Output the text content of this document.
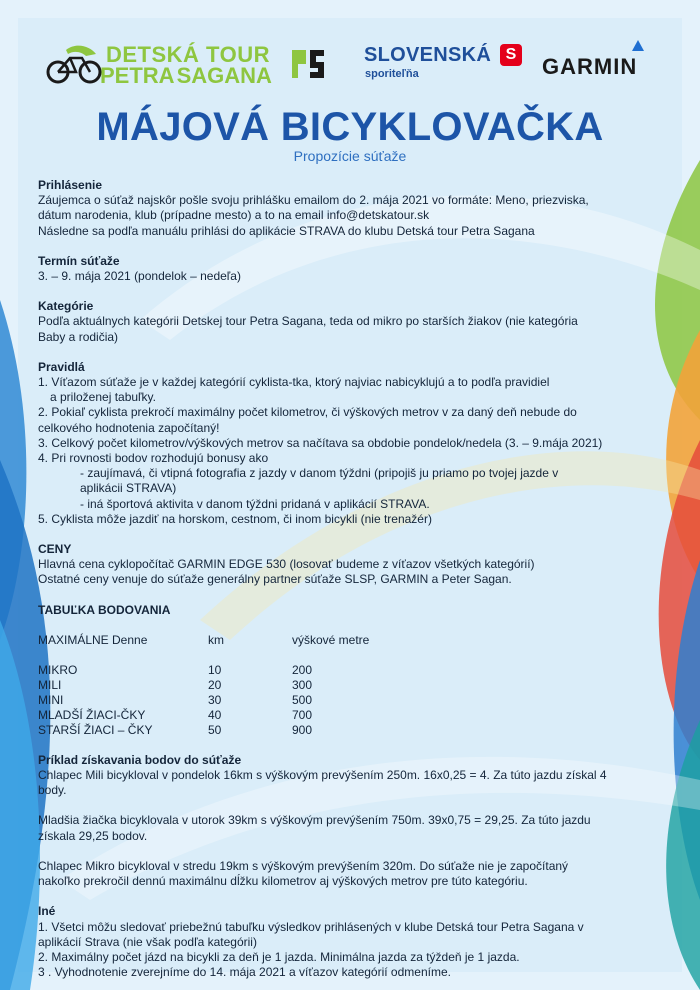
DETSKÁ TOUR
PETRASAGANA
SLOVENSKÁ
sporiteľňa
S GARMIN
MÁJOVÁ BICYKLOVAČKA
Propozície súťaže

Prihlásenie

Záujemca o súťaž najskôr pošle svoju prihlášku emailom do 2. mája 2021 vo formáte: Meno, priezviska,

dátum narodenia, klub (prípadne mesto) a to na email info@detskatour.sk

Následne sa podľa manuálu prihlási do aplikácie STRAVA do klubu Detská tour Petra Sagana

Termín súťaže

3. – 9. mája 2021 (pondelok – nedeľa)

Kategórie

Podľa aktuálnych kategórii Detskej tour Petra Sagana, teda od mikro po starších žiakov (nie kategória

Baby a rodičia)

Pravidlá

1. Víťazom súťaže je v každej kategórií cyklista-tka, ktorý najviac nabicyklujú a to podľa pravidiel

a priloženej tabuľky.

2. Pokiaľ cyklista prekročí maximálny počet kilometrov, či výškových metrov v za daný deň nebude do

celkového hodnotenia započítaný!

3. Celkový počet kilometrov/výškových metrov sa načítava sa obdobie pondelok/nedela (3. – 9.mája 2021)

4. Pri rovnosti bodov rozhodujú bonusy ako

- zaujímavá, či vtipná fotografia z jazdy v danom týždni (pripojiš ju priamo po tvojej jazde v

aplikácii STRAVA)

- iná športová aktivita v danom týždni pridaná v aplikácií STRAVA.

5. Cyklista môže jazdiť na horskom, cestnom, či inom bicykli (nie trenažér)

CENY

Hlavná cena cyklopočítač GARMIN EDGE 530 (losovať budeme z víťazov všetkých kategórií)

Ostatné ceny venuje do súťaže generálny partner súťaže SLSP, GARMIN a Peter Sagan.

TABUĽKA BODOVANIA

MAXIMÁLNE Denne	km	výškové metre

MIKRO	10	200
MILI	20	300
MINI	30	500
MLADŠÍ ŽIACI-ČKY	40	700
STARŠÍ ŽIACI – ČKY	50	900

Príklad získavania bodov do súťaže

Chlapec Mili bicykloval v pondelok 16km s výškovým prevýšením 250m. 16x0,25 = 4. Za túto jazdu získal 4

body.

Mladšia žiačka bicyklovala v utorok 39km s výškovým prevýšením 750m. 39x0,75 = 29,25. Za túto jazdu

získala 29,25 bodov.

Chlapec Mikro bicykloval v stredu 19km s výškovým prevýšením 320m. Do súťaže nie je započítaný

nakoľko prekročil dennú maximálnu dĺžku kilometrov aj výškových metrov pre túto kategóriu.

Iné

1. Všetci môžu sledovať priebežnú tabuľku výsledkov prihlásených v klube Detská tour Petra Sagana v

aplikácií Strava (nie však podľa kategórii)

2. Maximálny počet jázd na bicykli za deň je 1 jazda. Minimálna jazda za týždeň je 1 jazda.

3 . Vyhodnotenie zverejníme do 14. mája 2021 a víťazov kategórií odmeníme.
